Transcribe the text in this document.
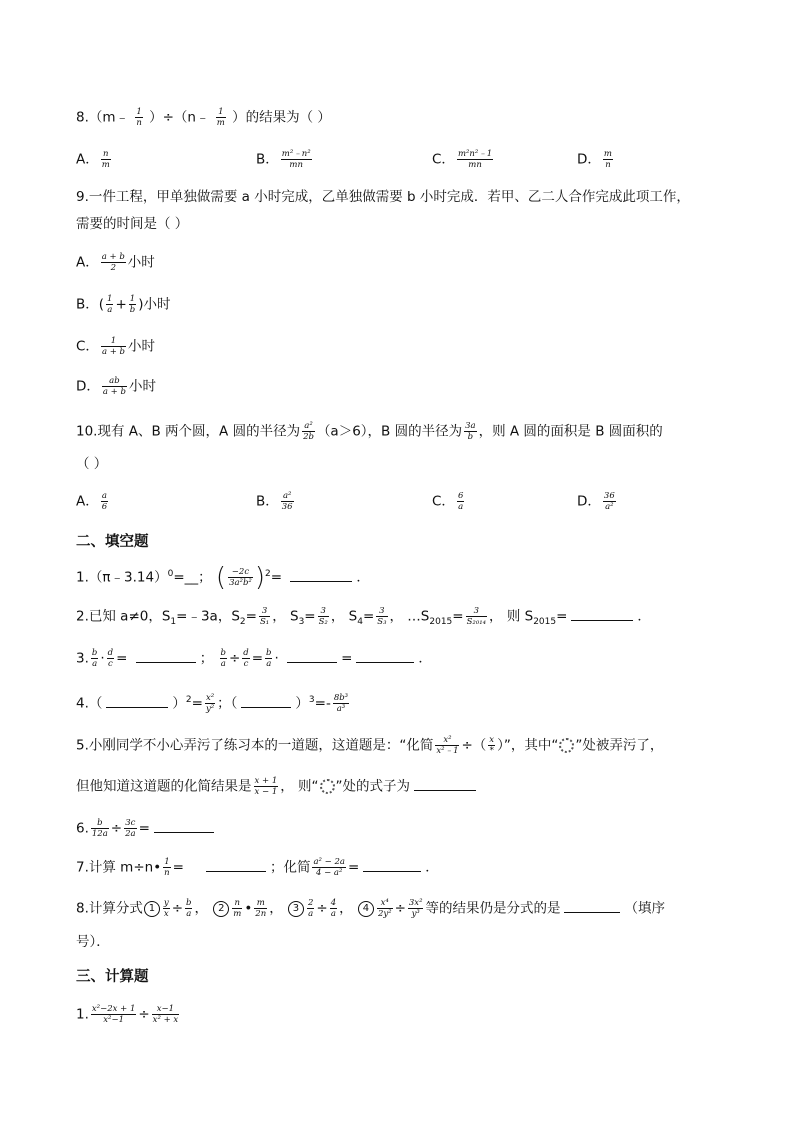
8.（m﹣ $\frac{1}{n}$ ）÷（n﹣ $\frac{1}{m}$ ）的结果为（ ）
A． $\frac{n}{m}$	B． $\frac{\text{m²﹣n²}}{mn}$	C． $\frac{\text{m²n²﹣1}}{mn}$	D． $\frac{m}{n}$
9.一件工程，甲单独做需要 a 小时完成，乙单独做需要 b 小时完成．若甲、乙二人合作完成此项工作，
需要的时间是（ ）
A． $\frac{a + b}{2}$ 小时
B．( $\frac{1}{a} + \frac{1}{b}$ )小时
C． $\frac{1}{a + b}$ 小时
D． $\frac{ab}{a + b}$ 小时
10.现有 A、B 两个圆，A 圆的半径为 $\frac{\text{a²}}{2b} (a>6)$，B 圆的半径为 $\frac{3a}{b}$ ，则 A 圆的面积是 B 圆面积的
（ ）
A． $\frac{a}{6}$	B． $\frac{\text{a²}}{36}$	C． $\frac{6}{a}$	D． $\frac{36}{\text{a²}}$
二、填空题
1.（π﹣3.14）$^0$=__； ( $\frac{-2c}{\text{3a²b²}} )^2=$	．
2.已知 a≠0，$S_1=﹣3a$，$S_2= \frac{3}{\text{S₁}}$ ， $S_3= \frac{3}{\text{S₂}}$ ， $S_4= \frac{3}{\text{S₃}}$ ， $\dots S_{2015}= \frac{3}{\text{S₂₀₁₄}}$ ， 则 $S_{2015}=$	．
3. $\frac{b}{a} \cdot \frac{d}{c}$ =	； $\frac{b}{a} \div \frac{d}{c} = \frac{b}{a}$ ·	=	．
4.（	）$^2= \frac{\text{x²}}{\text{y²}}$ ；（	）$^3=- \frac{\text{8b³}}{\text{a³}}$
5.小刚同学不小心弄污了练习本的一道题，这道题是：“化简 $\frac{\text{x²}}{\text{x²﹣1}}$ ÷（ $\frac{x}{*}$ ）”，其中“ ”处被弄污了，
但他知道这道题的化简结果是 $\frac{x + 1}{x - 1}$ ， 则“ ”处的式子为
6. $\frac{b}{12a} \div \frac{3c}{2a}$ =
7.计算 m÷n• $\frac{1}{n}$ =	；化简 $\frac{\text{a² − 2a}}{\text{4 − a²}}$ =	．
8.计算分式 $1 \frac{y}{x} \div \frac{b}{a}$ ， $2 \frac{n}{m}$ • $\frac{m}{2n}$ ， $3 \frac{2}{a} \div \frac{4}{a}$ ， $4 \frac{\text{x⁴}}{\text{2y²}} \div \frac{\text{3x²}}{\text{y³}}$ 等的结果仍是分式的是	（填序
号）．
三、计算题
1. $\frac{\text{x²−2x + 1}}{\text{x²−1}} \div \frac{x-1}{\text{x² + x}}$
